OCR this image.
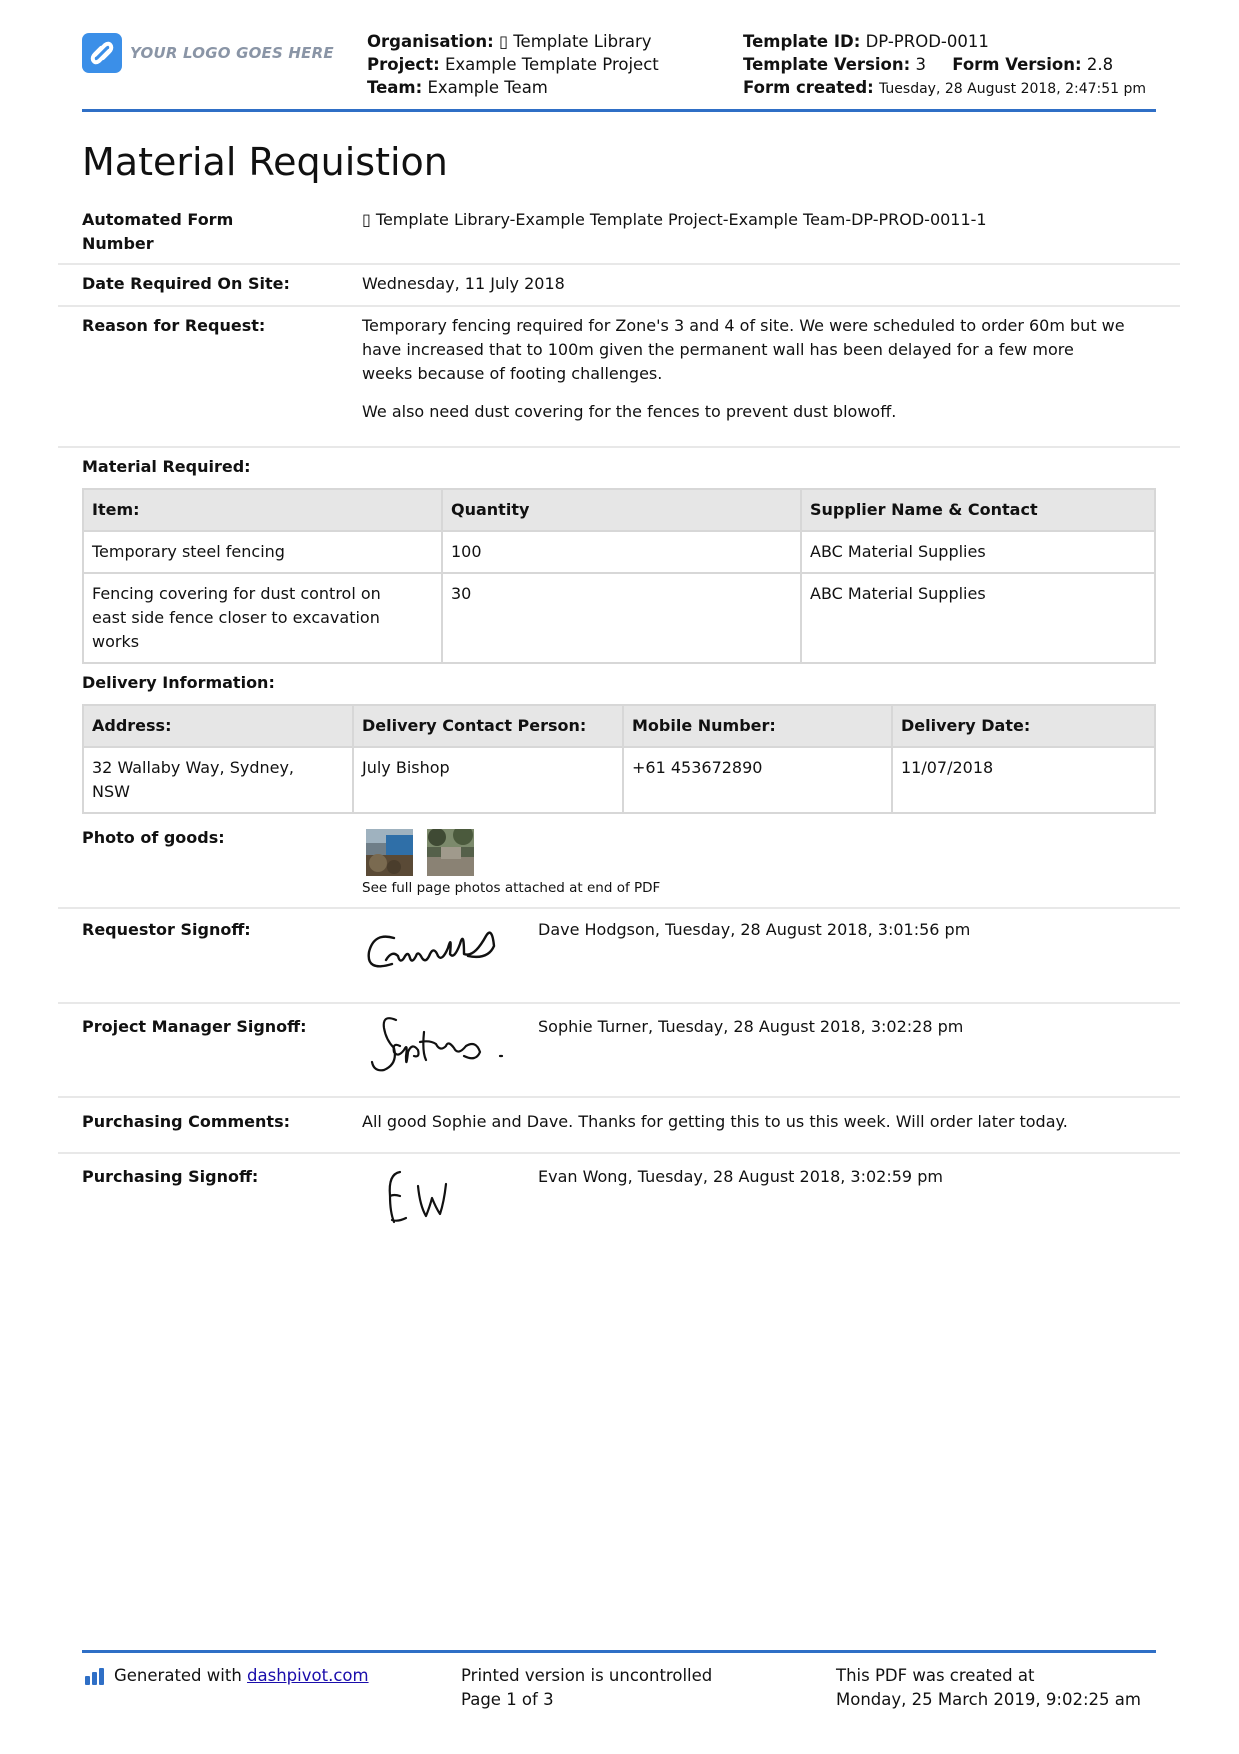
YOUR LOGO GOES HERE
Organisation: ▯ Template Library
Project: Example Template Project
Team: Example Team
Template ID: DP-PROD-0011
Template Version: 3 Form Version: 2.8
Form created: Tuesday, 28 August 2018, 2:47:51 pm
Material Requistion
Automated Form
Number
▯ Template Library-Example Template Project-Example Team-DP-PROD-0011-1
Date Required On Site:	Wednesday, 11 July 2018
Reason for Request:	Temporary fencing required for Zone's 3 and 4 of site. We were scheduled to order 60m but we
have increased that to 100m given the permanent wall has been delayed for a few more
weeks because of footing challenges.
We also need dust covering for the fences to prevent dust blowoff.
Material Required:
Item:	Quantity	Supplier Name & Contact
Temporary steel fencing	100	ABC Material Supplies

Fencing covering for dust control on
east side fence closer to excavation
works	30	ABC Material Supplies
Delivery Information:
Address:	Delivery Contact Person:	Mobile Number:	Delivery Date:

32 Wallaby Way, Sydney,
NSW	July Bishop	+61 453672890	11/07/2018
Photo of goods:
See full page photos attached at end of PDF
Requestor Signoff:	Dave Hodgson, Tuesday, 28 August 2018, 3:01:56 pm
Project Manager Signoff:	Sophie Turner, Tuesday, 28 August 2018, 3:02:28 pm
Purchasing Comments:	All good Sophie and Dave. Thanks for getting this to us this week. Will order later today.
Purchasing Signoff:	Evan Wong, Tuesday, 28 August 2018, 3:02:59 pm
Generated with
dashpivot.com	Printed version is uncontrolled
Page 1 of 3
This PDF was created at
Monday, 25 March 2019, 9:02:25 am
